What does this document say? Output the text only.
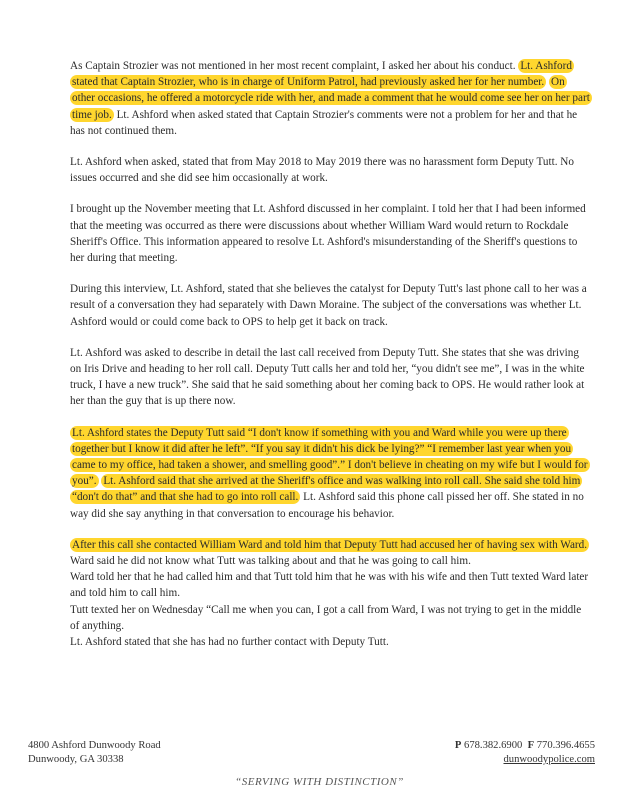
As Captain Strozier was not mentioned in her most recent complaint, I asked her about his conduct. Lt. Ashford stated that Captain Strozier, who is in charge of Uniform Patrol, had previously asked her for her number. On other occasions, he offered a motorcycle ride with her, and made a comment that he would come see her on her part time job. Lt. Ashford when asked stated that Captain Strozier's comments were not a problem for her and that he has not continued them.

Lt. Ashford when asked, stated that from May 2018 to May 2019 there was no harassment form Deputy Tutt. No issues occurred and she did see him occasionally at work.

I brought up the November meeting that Lt. Ashford discussed in her complaint. I told her that I had been informed that the meeting was occurred as there were discussions about whether William Ward would return to Rockdale Sheriff's Office. This information appeared to resolve Lt. Ashford's misunderstanding of the Sheriff's questions to her during that meeting.

During this interview, Lt. Ashford, stated that she believes the catalyst for Deputy Tutt's last phone call to her was a result of a conversation they had separately with Dawn Moraine. The subject of the conversations was whether Lt. Ashford would or could come back to OPS to help get it back on track.

Lt. Ashford was asked to describe in detail the last call received from Deputy Tutt. She states that she was driving on Iris Drive and heading to her roll call. Deputy Tutt calls her and told her, “you didn't see me”, I was in the white truck, I have a new truck”. She said that he said something about her coming back to OPS. He would rather look at her than the guy that is up there now.

Lt. Ashford states the Deputy Tutt said “I don't know if something with you and Ward while you were up there together but I know it did after he left”. “If you say it didn't his dick be lying?” “I remember last year when you came to my office, had taken a shower, and smelling good”.” I don't believe in cheating on my wife but I would for you”. Lt. Ashford said that she arrived at the Sheriff's office and was walking into roll call. She said she told him “don't do that” and that she had to go into roll call. Lt. Ashford said this phone call pissed her off. She stated in no way did she say anything in that conversation to encourage his behavior.

After this call she contacted William Ward and told him that Deputy Tutt had accused her of having sex with Ward. Ward said he did not know what Tutt was talking about and that he was going to call him.

Ward told her that he had called him and that Tutt told him that he was with his wife and then Tutt texted Ward later and told him to call him.

Tutt texted her on Wednesday “Call me when you can, I got a call from Ward, I was not trying to get in the middle of anything.

Lt. Ashford stated that she has had no further contact with Deputy Tutt.

4800 Ashford Dunwoody Road
Dunwoody, GA 30338
P 678.382.6900 F 770.396.4655
dunwoodypolice.com
“SERVING WITH DISTINCTION”
